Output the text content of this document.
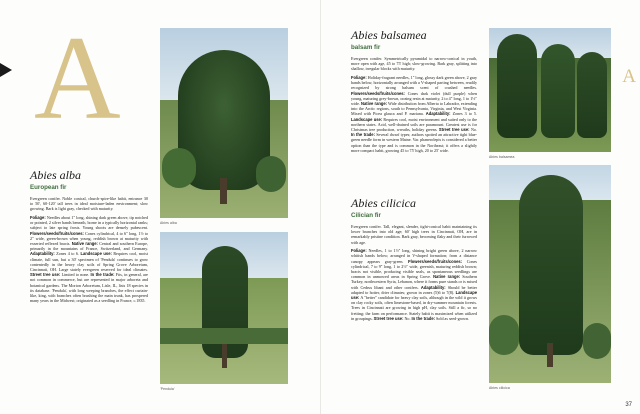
A
Abies alba
'Pendula'
Abies alba
European fir

Evergreen conifer. Noble conical, church-spire-like habit, entrance 30 to 50', 60-120' tall trees in ideal moisture-laden environment; slow growing. Bark is light gray, checked with maturity.

Foliage: Needles about 1" long, shining dark green above, tip notched or pointed, 2 silver bands beneath, borne in a typically horizontal ranks; subject to late spring frosts. Young shoots are densely pubescent. Flowers/seeds/fruits/cones: Cones cylindrical, 4 to 6" long, 1½ to 2" wide, green-brown when young, reddish brown at maturity with exserted reflexed bracts. Native range: Central and southern Europe, primarily in the mountains of France, Switzerland, and Germany. Adaptability: Zones 4 to 6. Landscape use: Requires cool, moist climate, full sun, but a 30' specimen of 'Pendula' continues to grow contentedly in the heavy clay soils of Spring Grove Arboretum, Cincinnati, OH. Large stately evergreen reserved for ideal climates. Street tree use: Limited to none. In the trade: Fits, in general, are not common in commerce, but are represented in major arboreta and botanical gardens. The Morton Arboretum, Lisle, IL, lists 18 species in its database. 'Pendula', with long weeping branches, the effect curtain-like, king, with branches often brushing the main trunk, has prospered many years in the Midwest; originated as a seedling in France, c.1835.

A
Abies balsamea
Abies cilicica
Abies balsamea
balsam fir

Evergreen conifer. Symmetrically pyramidal to narrow-conical in youth, more open with age, 45 to 75' high; slow-growing. Bark gray, splitting into shallow, irregular blocks with maturity.

Foliage: Holiday-fragrant needles, 1" long, glossy dark green above, 2 gray bands below, horizontally arranged with a V-shaped parting between, readily recognized by strong balsam scent of crushed needles. Flowers/seeds/fruits/cones: Cones dark violet (dull purple) when young, maturing grey-brown, oozing resin at maturity, 2 to 4" long, 1 to 1½" wide. Native range: Wide distribution from Alberta to Labrador, extending into the Arctic regions, south to Pennsylvania, Virginia, and West Virginia. Mixed with Picea glauca and P. mariana. Adaptability: Zones 3 to 5. Landscape use: Requires cool, moist environment and suited only to the northern states. Acid, well-drained soils are paramount. Greatest use is for Christmas tree production, wreaths, holiday greens. Street tree use: No. In the trade: Several dwarf types; authors spotted an attractive tight blue-green needle form in western Maine. Var. phanerolepis is considered a better option than the type and is common in the Northeast; it offers a slightly more compact habit, growing 45 to 75' high, 20 to 25' wide.

Abies cilicica
Cilician fir

Evergreen conifer. Tall, elegant, slender, tight-conical habit maintaining its lower branches into old age; 60' high trees in Cincinnati, OH, are in remarkably pristine condition. Bark gray, becoming flaky and their furrowed with age.

Foliage: Needles, 1 to 1½" long, shining bright green above, 2 narrow whitish bands below; arranged in V-shaped formation; from a distance canopy appears gray-green. Flowers/seeds/fruits/cones: Cones cylindrical, 7 to 9" long, 1 to 2½" wide, greenish, maturing reddish brown; bracts not visible, producing visible seals, as spontaneous seedlings are common in unmowed areas in Spring Grove. Native range: Southern Turkey, northwestern Syria, Lebanon, where it forms pure stands or is mixed with Cedrus libani and other conifers. Adaptability: Should be better adapted to hotter, drier climates; grown in zones (5)6 to 7(8). Landscape use: A "better" candidate for heavy clay soils, although in the wild it grows on clay rocky soils, often limestone-based, in dry-summer mountain forests. Trees in Cincinnati are growing in high pH, clay soils. Still a fir, so no fretting; the farm on performance. Stately habit is maximized when utilized in groupings. Street tree use: No. In the trade: Sold as seed-grown.

37
